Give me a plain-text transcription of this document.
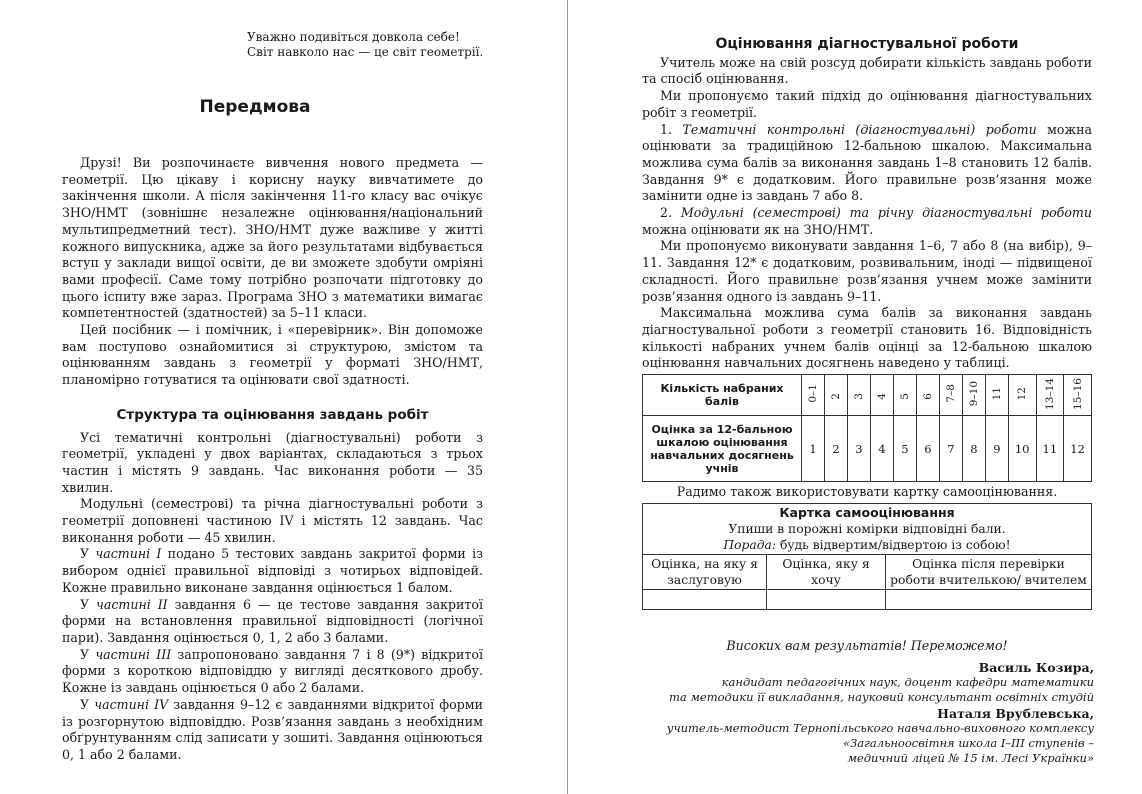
Уважно подивіться довкола себе!
Світ навколо нас — це світ геометрії.
Передмова

Друзі! Ви розпочинаєте вивчення нового предмета — геометрії. Цю цікаву і корисну науку вивчатимете до закінчення школи. А після закінчення 11-го класу вас очікує ЗНО/НМТ (зовнішнє незалежне оцінювання/національний мультипредметний тест). ЗНО/НМТ дуже важливе у житті кожного випускника, адже за його результатами відбувається вступ у заклади вищої освіти, де ви зможете здобути омріяні вами професії. Саме тому потрібно розпочати підготовку до цього іспиту вже зараз. Програма ЗНО з математики вимагає компетентностей (здатностей) за 5–11 класи.

Цей посібник — і помічник, і «перевірник». Він допоможе вам поступово ознайомитися зі структурою, змістом та оцінюванням завдань з геометрії у форматі ЗНО/НМТ, планомірно готуватися та оцінювати свої здатності.

Структура та оцінювання завдань робіт

Усі тематичні контрольні (діагностувальні) роботи з геометрії, укладені у двох варіантах, складаються з трьох частин і містять 9 завдань. Час виконання роботи — 35 хвилин.

Модульні (семестрові) та річна діагностувальні роботи з геометрії доповнені частиною IV і містять 12 завдань. Час виконання роботи — 45 хвилин.

У частині I подано 5 тестових завдань закритої форми із вибором однієї правильної відповіді з чотирьох відповідей. Кожне правильно виконане завдання оцінюється 1 балом.

У частині II завдання 6 — це тестове завдання закритої форми на встановлення правильної відповідності (логічної пари). Завдання оцінюється 0, 1, 2 або 3 балами.

У частині III запропоновано завдання 7 і 8 (9*) відкритої форми з короткою відповіддю у вигляді десяткового дробу. Кожне із завдань оцінюється 0 або 2 балами.

У частині IV завдання 9–12 є завданнями відкритої форми із розгорнутою відповіддю. Розв’язання завдань з необхідним обґрунтуванням слід записати у зошиті. Завдання оцінюються 0, 1 або 2 балами.

Оцінювання діагностувальної роботи

Учитель може на свій розсуд добирати кількість завдань роботи та спосіб оцінювання.

Ми пропонуємо такий підхід до оцінювання діагностувальних робіт з геометрії.

1. Тематичні контрольні (діагностувальні) роботи можна оцінювати за традиційною 12-бальною шкалою. Максимальна можлива сума балів за виконання завдань 1–8 становить 12 балів. Завдання 9* є додатковим. Його правильне розв’язання може замінити одне із завдань 7 або 8.

2. Модульні (семестрові) та річну діагностувальні роботи можна оцінювати як на ЗНО/НМТ.

Ми пропонуємо виконувати завдання 1–6, 7 або 8 (на вибір), 9–11. Завдання 12* є додатковим, розвивальним, іноді — підвищеної складності. Його правильне розв’язання учнем може замінити розв’язання одного із завдань 9–11.

Максимальна можлива сума балів за виконання завдань діагностувальної роботи з геометрії становить 16. Відповідність кількості набраних учнем балів оцінці за 12-бальною шкалою оцінювання навчальних досягнень наведено у таблиці.

Кількість набраних балів	0–1	2	3	4	5	6	7–8	9–10	11	12	13–14	15–16
Оцінка за 12-бальною шкалою оцінювання навчальних досягнень учнів	1	2	3	4	5	6	7	8	9	10	11	12
Радимо також використовувати картку самооцінювання.
Картка самооцінювання
Упиши в порожні комірки відповідні бали.
Порада: будь відвертим/відвертою із собою!		

Оцінка, на яку я заслуговую	Оцінка, яку я хочу	Оцінка після перевірки роботи вчителькою/ вчителем

Високих вам результатів! Переможемо!
Василь Козира,
кандидат педагогічних наук, доцент кафедри математики
та методики її викладання, науковий консультант освітніх студій
Наталя Врублевська,
учитель-методист Тернопільського навчально-виховного комплексу
«Загальноосвітня школа І–ІІІ ступенів –
медичний ліцей № 15 ім. Лесі Українки»
